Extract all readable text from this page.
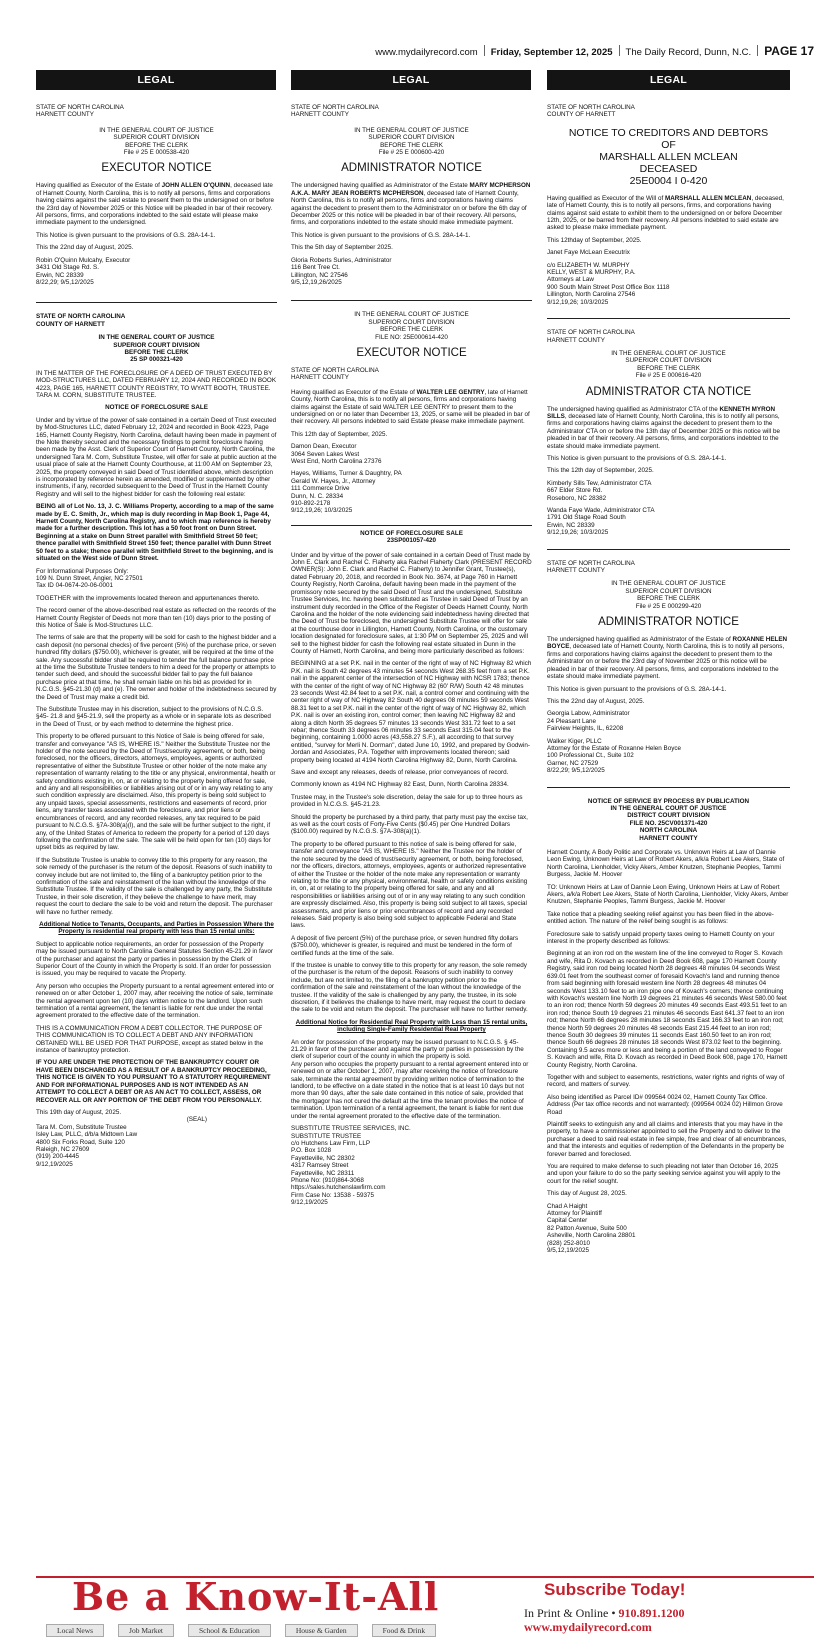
www.mydailyrecord.com Friday, September 12, 2025 The Daily Record, Dunn, N.C. PAGE 17
LEGAL	LEGAL	LEGAL
STATE OF NORTH CAROLINA
HARNETT COUNTY
IN THE GENERAL COURT OF JUSTICE
SUPERIOR COURT DIVISION
BEFORE THE CLERK
File # 25 E 000538-420
EXECUTOR NOTICE

Having qualified as Executor of the Estate of JOHN ALLEN O'QUINN, deceased late of Harnett County, North Carolina, this is to notify all persons, firms and corporations having claims against the said estate to present them to the undersigned on or before the 23rd day of November 2025 or this Notice will be pleaded in bar of their recovery. All persons, firms, and corporations indebted to the said estate will please make immediate payment to the undersigned.

This Notice is given pursuant to the provisions of G.S. 28A-14-1.

This the 22nd day of August, 2025.

Robin O'Quinn Mulcahy, Executor
3431 Old Stage Rd. S.
Erwin, NC 28339
8/22,29; 9/5,12/2025
STATE OF NORTH CAROLINA
COUNTY OF HARNETT
IN THE GENERAL COURT OF JUSTICE
SUPERIOR COURT DIVISION
BEFORE THE CLERK
25 SP 000321-420

IN THE MATTER OF THE FORECLOSURE OF A DEED OF TRUST EXECUTED BY MOD-STRUCTURES LLC, DATED FEBRUARY 12, 2024 AND RECORDED IN BOOK 4223, PAGE 165, HARNETT COUNTY REGISTRY, TO WYATT BOOTH, TRUSTEE. TARA M. CORN, SUBSTITUTE TRUSTEE.

NOTICE OF FORECLOSURE SALE

Under and by virtue of the power of sale contained in a certain Deed of Trust executed by Mod-Structures LLC, dated February 12, 2024 and recorded in Book 4223, Page 165, Harnett County Registry, North Carolina, default having been made in payment of the Note thereby secured and the necessary findings to permit foreclosure having been made by the Asst. Clerk of Superior Court of Harnett County, North Carolina, the undersigned Tara M. Corn, Substitute Trustee, will offer for sale at public auction at the usual place of sale at the Harnett County Courthouse, at 11:00 AM on September 23, 2025, the property conveyed in said Deed of Trust identified above, which description is incorporated by reference herein as amended, modified or supplemented by other instruments, if any, recorded subsequent to the Deed of Trust in the Harnett County Registry and will sell to the highest bidder for cash the following real estate:

BEING all of Lot No. 13, J. C. Williams Property, according to a map of the same made by E. C. Smith, Jr., which map is duly recording in Map Book 1, Page 44, Harnett County, North Carolina Registry, and to which map reference is hereby made for a further description. This lot has a 50 foot front on Dunn Street. Beginning at a stake on Dunn Street parallel with Smithfield Street 50 feet; thence parallel with Smithfield Street 150 feet; thence parallel with Dunn Street 50 feet to a stake; thence parallel with Smithfield Street to the beginning, and is situated on the West side of Dunn Street.

For Informational Purposes Only:
109 N. Dunn Street, Angier, NC 27501
Tax ID 04-0674-20-06-0001

TOGETHER with the improvements located thereon and appurtenances thereto.

The record owner of the above-described real estate as reflected on the records of the Harnett County Register of Deeds not more than ten (10) days prior to the posting of this Notice of Sale is Mod-Structures LLC.

The terms of sale are that the property will be sold for cash to the highest bidder and a cash deposit (no personal checks) of five percent (5%) of the purchase price, or seven hundred fifty dollars ($750.00), whichever is greater, will be required at the time of the sale. Any successful bidder shall be required to tender the full balance purchase price at the time the Substitute Trustee tenders to him a deed for the property or attempts to tender such deed, and should the successful bidder fail to pay the full balance purchase price at that time, he shall remain liable on his bid as provided for in N.C.G.S. §45-21.30 (d) and (e). The owner and holder of the indebtedness secured by the Deed of Trust may make a credit bid.

The Substitute Trustee may in his discretion, subject to the provisions of N.C.G.S. §45- 21.8 and §45-21.9, sell the property as a whole or in separate lots as described in the Deed of Trust, or by each method to determine the highest price.

This property to be offered pursuant to this Notice of Sale is being offered for sale, transfer and conveyance "AS IS, WHERE IS." Neither the Substitute Trustee nor the holder of the note secured by the Deed of Trust/security agreement, or both, being foreclosed, nor the officers, directors, attorneys, employees, agents or authorized representative of either the Substitute Trustee or other holder of the note make any representation of warranty relating to the title or any physical, environmental, health or safety conditions existing in, on, at or relating to the property being offered for sale, and any and all responsibilities or liabilities arising out of or in any way relating to any such condition expressly are disclaimed. Also, this property is being sold subject to any unpaid taxes, special assessments, restrictions and easements of record, prior liens, any transfer taxes associated with the foreclosure, and prior liens or encumbrances of record, and any recorded releases, any tax required to be paid pursuant to N.C.G.S. §7A-308(a)(l), and the sale will be further subject to the right, if any, of the United States of America to redeem the property for a period of 120 days following the confirmation of the sale. The sale will be held open for ten (10) days for upset bids as required by law.

If the Substitute Trustee is unable to convey title to this property for any reason, the sole remedy of the purchaser is the return of the deposit. Reasons of such inability to convey include but are not limited to, the filing of a bankruptcy petition prior to the confirmation of the sale and reinstatement of the loan without the knowledge of the Substitute Trustee. If the validity of the sale is challenged by any party, the Substitute Trustee, in their sole discretion, if they believe the challenge to have merit, may request the court to declare the sale to be void and return the deposit. The purchaser will have no further remedy.

Additional Notice to Tenants, Occupants, and Parties in Possession Where the Property is residential real property with less than 15 rental units:

Subject to applicable notice requirements, an order for possession of the Property may be issued pursuant to North Carolina General Statutes Section 45-21.29 in favor of the purchaser and against the party or parties in possession by the Clerk of Superior Court of the County in which the Property is sold. If an order for possession is issued, you may be required to vacate the Property.

Any person who occupies the Property pursuant to a rental agreement entered into or renewed on or after October 1, 2007 may, after receiving the notice of sale, terminate the rental agreement upon ten (10) days written notice to the landlord. Upon such termination of a rental agreement, the tenant is liable for rent due under the rental agreement prorated to the effective date of the termination.

THIS IS A COMMUNICATION FROM A DEBT COLLECTOR. THE PURPOSE OF THIS COMMUNICATION IS TO COLLECT A DEBT AND ANY INFORMATION OBTAINED WILL BE USED FOR THAT PURPOSE, except as stated below in the instance of bankruptcy protection.

IF YOU ARE UNDER THE PROTECTION OF THE BANKRUPTCY COURT OR HAVE BEEN DISCHARGED AS A RESULT OF A BANKRUPTCY PROCEEDING, THIS NOTICE IS GIVEN TO YOU PURSUANT TO A STATUTORY REQUIREMENT AND FOR INFORMATIONAL PURPOSES AND IS NOT INTENDED AS AN ATTEMPT TO COLLECT A DEBT OR AS AN ACT TO COLLECT, ASSESS, OR RECOVER ALL OR ANY PORTION OF THE DEBT FROM YOU PERSONALLY.

This 19th day of August, 2025.

(SEAL)
Tara M. Corn, Substitute Trustee
Isley Law, PLLC, d/b/a Midtown Law
4800 Six Forks Road, Suite 120
Raleigh, NC 27609
(919) 200-4445
9/12,19/2025
STATE OF NORTH CAROLINA
HARNETT COUNTY
IN THE GENERAL COURT OF JUSTICE
SUPERIOR COURT DIVISION
BEFORE THE CLERK
File # 25 E 000600-420
ADMINISTRATOR NOTICE

The undersigned having qualified as Administrator of the Estate MARY MCPHERSON A.K.A. MARY JEAN ROBERTS MCPHERSON, deceased late of Harnett County, North Carolina, this is to notify all persons, firms and corporations having claims against the decedent to present them to the Administrator on or before the 6th day of December 2025 or this notice will be pleaded in bar of their recovery. All persons, firms, and corporations indebted to the estate should make immediate payment.

This Notice is given pursuant to the provisions of G.S. 28A-14-1.

This the 5th day of September 2025.

Gloria Roberts Surles, Administrator
116 Bent Tree Ct.
Lillington, NC 27546
9/5,12,19,26/2025
IN THE GENERAL COURT OF JUSTICE
SUPERIOR COURT DIVISION
BEFORE THE CLERK
FILE NO: 25E000614-420
EXECUTOR NOTICE
STATE OF NORTH CAROLINA
HARNETT COUNTY

Having qualified as Executor of the Estate of WALTER LEE GENTRY, late of Harnett County, North Carolina, this is to notify all persons, firms and corporations having claims against the Estate of said WALTER LEE GENTRY to present them to the undersigned on or no later than December 13, 2025, or same will be pleaded in bar of their recovery. All persons indebted to said Estate please make immediate payment.

This 12th day of September, 2025.

Damon Dean, Executor
3064 Seven Lakes West
West End, North Carolina 27376

Hayes, Williams, Turner & Daughtry, PA
Gerald W. Hayes, Jr., Attorney
111 Commerce Drive
Dunn, N. C. 28334
910-892-2178
9/12,19,26; 10/3/2025
NOTICE OF FORECLOSURE SALE
23SP001057-420

Under and by virtue of the power of sale contained in a certain Deed of Trust made by John E. Clark and Rachel C. Flaherty aka Rachel Flaherty Clark (PRESENT RECORD OWNER(S): John E. Clark and Rachel C. Flaherty) to Jennifer Grant, Trustee(s), dated February 20, 2018, and recorded in Book No. 3674, at Page 760 in Harnett County Registry, North Carolina, default having been made in the payment of the promissory note secured by the said Deed of Trust and the undersigned, Substitute Trustee Services, Inc. having been substituted as Trustee in said Deed of Trust by an instrument duly recorded in the Office of the Register of Deeds Harnett County, North Carolina and the holder of the note evidencing said indebtedness having directed that the Deed of Trust be foreclosed, the undersigned Substitute Trustee will offer for sale at the courthouse door in Lillington, Harnett County, North Carolina, or the customary location designated for foreclosure sales, at 1:30 PM on September 25, 2025 and will sell to the highest bidder for cash the following real estate situated in Dunn in the County of Harnett, North Carolina, and being more particularly described as follows:

BEGINNING at a set P.K. nail in the center of the right of way of NC Highway 82 which P.K. nail is South 42 degrees 43 minutes 54 seconds West 268.35 feet from a set P.K. nail in the apparent center of the intersection of NC Highway with NCSR 1783; thence with the center of the right of way of NC Highway 82 (60' R/W) South 42 48 minutes 23 seconds West 42.84 feet to a set P.K. nail, a control corner and continuing with the center right of way of NC Highway 82 South 40 degrees 08 minutes 59 seconds West 88.31 feet to a set P.K. nail in the center of the right of way of NC Highway 82, which P.K. nail is over an existing iron, control corner; then leaving NC Highway 82 and along a ditch North 35 degrees 57 minutes 13 seconds West 331.72 feet to a set rebar; thence South 33 degrees 06 minutes 33 seconds East 315.04 feet to the beginning, containing 1.0000 acres (43,558.27 S.F.), all according to that survey entitled, "survey for Merli N. Dorman", dated June 10, 1992, and prepared by Godwin-Jordan and Associates, P.A. Together with improvements located thereon; said property being located at 4194 North Carolina Highway 82, Dunn, North Carolina.

Save and except any releases, deeds of release, prior conveyances of record.

Commonly known as 4194 NC Highway 82 East, Dunn, North Carolina 28334.

Trustee may, in the Trustee's sole discretion, delay the sale for up to three hours as provided in N.C.G.S. §45-21.23.

Should the property be purchased by a third party, that party must pay the excise tax, as well as the court costs of Forty-Five Cents ($0.45) per One Hundred Dollars ($100.00) required by N.C.G.S. §7A-308(a)(1).

The property to be offered pursuant to this notice of sale is being offered for sale, transfer and conveyance "AS IS, WHERE IS." Neither the Trustee nor the holder of the note secured by the deed of trust/security agreement, or both, being foreclosed, nor the officers, directors, attorneys, employees, agents or authorized representative of either the Trustee or the holder of the note make any representation or warranty relating to the title or any physical, environmental, health or safety conditions existing in, on, at or relating to the property being offered for sale, and any and all responsibilities or liabilities arising out of or in any way relating to any such condition are expressly disclaimed. Also, this property is being sold subject to all taxes, special assessments, and prior liens or prior encumbrances of record and any recorded releases. Said property is also being sold subject to applicable Federal and State laws.

A deposit of five percent (5%) of the purchase price, or seven hundred fifty dollars ($750.00), whichever is greater, is required and must be tendered in the form of certified funds at the time of the sale.

If the trustee is unable to convey title to this property for any reason, the sole remedy of the purchaser is the return of the deposit. Reasons of such inability to convey include, but are not limited to, the filing of a bankruptcy petition prior to the confirmation of the sale and reinstatement of the loan without the knowledge of the trustee. If the validity of the sale is challenged by any party, the trustee, in its sole discretion, if it believes the challenge to have merit, may request the court to declare the sale to be void and return the deposit. The purchaser will have no further remedy.

Additional Notice for Residential Real Property with Less than 15 rental units, including Single-Family Residential Real Property

An order for possession of the property may be issued pursuant to N.C.G.S. § 45-21.29 in favor of the purchaser and against the party or parties in possession by the clerk of superior court of the county in which the property is sold.

Any person who occupies the property pursuant to a rental agreement entered into or renewed on or after October 1, 2007, may after receiving the notice of foreclosure sale, terminate the rental agreement by providing written notice of termination to the landlord, to be effective on a date stated in the notice that is at least 10 days but not more than 90 days, after the sale date contained in this notice of sale, provided that the mortgagor has not cured the default at the time the tenant provides the notice of termination. Upon termination of a rental agreement, the tenant is liable for rent due under the rental agreement prorated to the effective date of the termination.

SUBSTITUTE TRUSTEE SERVICES, INC.
SUBSTITUTE TRUSTEE
c/o Hutchens Law Firm, LLP
P.O. Box 1028
Fayetteville, NC 28302
4317 Ramsey Street
Fayetteville, NC 28311
Phone No: (910)864-3068
https://sales.hutchenslawfirm.com
Firm Case No: 13538 - 59375
9/12,19/2025
STATE OF NORTH CAROLINA
COUNTY OF HARNETT
NOTICE TO CREDITORS AND DEBTORS
OF
MARSHALL ALLEN MCLEAN
DECEASED
25E0004 I 0-420

Having qualified as Executor of the Will of MARSHALL ALLEN MCLEAN, deceased, late of Harnett County, this is to notify all persons, firms, and corporations having claims against said estate to exhibit them to the undersigned on or before December 12th, 2025, or be barred from their recovery. All persons indebted to said estate are asked to please make immediate payment.

This 12thday of September, 2025.

Janet Faye McLean Executrix

c/o ELIZABETH W. MURPHY
KELLY, WEST & MURPHY, P.A.
Attorneys at Law
900 South Main Street Post Office Box 1118
Lillington, North Carolina 27546
9/12,19,26; 10/3/2025
STATE OF NORTH CAROLINA
HARNETT COUNTY
IN THE GENERAL COURT OF JUSTICE
SUPERIOR COURT DIVISION
BEFORE THE CLERK
File # 25 E 000616-420
ADMINISTRATOR CTA NOTICE

The undersigned having qualified as Administrator CTA of the KENNETH MYRON SILLS, deceased late of Harnett County, North Carolina, this is to notify all persons, firms and corporations having claims against the decedent to present them to the Administrator CTA on or before the 13th day of December 2025 or this notice will be pleaded in bar of their recovery. All persons, firms, and corporations indebted to the estate should make immediate payment.

This Notice is given pursuant to the provisions of G.S. 28A-14-1.

This the 12th day of September, 2025.

Kimberly Sills Tew, Administrator CTA
667 Elder Store Rd.
Roseboro, NC 28382

Wanda Faye Wade, Administrator CTA
1791 Old Stage Road South
Erwin, NC 28339
9/12,19,26; 10/3/2025
STATE OF NORTH CAROLINA
HARNETT COUNTY
IN THE GENERAL COURT OF JUSTICE
SUPERIOR COURT DIVISION
BEFORE THE CLERK
File # 25 E 000299-420
ADMINISTRATOR NOTICE

The undersigned having qualified as Administrator of the Estate of ROXANNE HELEN BOYCE, deceased late of Harnett County, North Carolina, this is to notify all persons, firms and corporations having claims against the decedent to present them to the Administrator on or before the 23rd day of November 2025 or this notice will be pleaded in bar of their recovery. All persons, firms, and corporations indebted to the estate should make immediate payment.

This Notice is given pursuant to the provisions of G.S. 28A-14-1.

This the 22nd day of August, 2025.

Georgia Labow, Administrator
24 Pleasant Lane
Fairview Heights, IL, 62208

Walker Kiger, PLLC
Attorney for the Estate of Roxanne Helen Boyce
100 Professional Ct., Suite 102
Garner, NC 27529
8/22,29; 9/5,12/2025
NOTICE OF SERVICE BY PROCESS BY PUBLICATION
IN THE GENERAL COURT OF JUSTICE
DISTRICT COURT DIVISION
FILE NO. 25CV001371-420
NORTH CAROLINA
HARNETT COUNTY

Harnett County, A Body Politic and Corporate vs. Unknown Heirs at Law of Dannie Leon Ewing, Unknown Heirs at Law of Robert Akers, a/k/a Robert Lee Akers, State of North Carolina, Lienholder, Vicky Akers, Amber Knutzen, Stephanie Peoples, Tammi Burgess, Jackie M. Hoover

TO: Unknown Heirs at Law of Dannie Leon Ewing, Unknown Heirs at Law of Robert Akers, a/k/a Robert Lee Akers, State of North Carolina, Lienholder, Vicky Akers, Amber Knutzen, Stephanie Peoples, Tammi Burgess, Jackie M. Hoover

Take notice that a pleading seeking relief against you has been filed in the above-entitled action. The nature of the relief being sought is as follows:

Foreclosure sale to satisfy unpaid property taxes owing to Harnett County on your interest in the property described as follows:

Beginning at an iron rod on the western line of the line conveyed to Roger S. Kovach and wife, Rita D. Kovach as recorded in Deed Book 608, page 170 Harnett County Registry, said iron rod being located North 28 degrees 48 minutes 04 seconds West 639.01 feet from the southeast corner of foresaid Kovach's land and running thence from said beginning with foresaid western line North 28 degrees 48 minutes 04 seconds West 133.10 feet to an iron pipe one of Kovach's corners; thence continuing with Kovach's western line North 19 degrees 21 minutes 46 seconds West 580.00 feet to an iron rod; thence North 59 degrees 20 minutes 49 seconds East 493.51 feet to an iron rod; thence South 19 degrees 21 minutes 46 seconds East 641.37 feet to an iron rod; thence North 66 degrees 28 minutes 18 seconds East 166.33 feet to an iron rod; thence North 59 degrees 20 minutes 48 seconds East 215.44 feet to an iron rod; thence South 30 degrees 39 minutes 11 seconds East 160.50 feet to an iron rod; thence South 66 degrees 28 minutes 18 seconds West 873.02 feet to the beginning. Containing 9.5 acres more or less and being a portion of the land conveyed to Roger S. Kovach and wife, Rita D. Kovach as recorded in Deed Book 608, page 170, Harnett County Registry, North Carolina.

Together with and subject to easements, restrictions, water rights and rights of way of record, and matters of survey.

Also being identified as Parcel ID# 099564 0024 02, Harnett County Tax Office. Address (Per tax office records and not warranted): (099564 0024 02) Hillmon Grove Road

Plaintiff seeks to extinguish any and all claims and interests that you may have in the property, to have a commissioner appointed to sell the Property and to deliver to the purchaser a deed to said real estate in fee simple, free and clear of all encumbrances, and that the interests and equities of redemption of the Defendants in the property be forever barred and foreclosed.

You are required to make defense to such pleading not later than October 16, 2025 and upon your failure to do so the party seeking service against you will apply to the court for the relief sought.

This day of August 28, 2025.

Chad A Haight
Attorney for Plaintiff
Capital Center
82 Patton Avenue, Suite 500
Asheville, North Carolina 28801
(828) 252-8010
9/5,12,19/2025
Be a Know-It-All
Local News	Job Market	School & Education	House & Garden	Food & Drink
Subscribe Today!
In Print & Online • 910.891.1200
www.mydailyrecord.com
